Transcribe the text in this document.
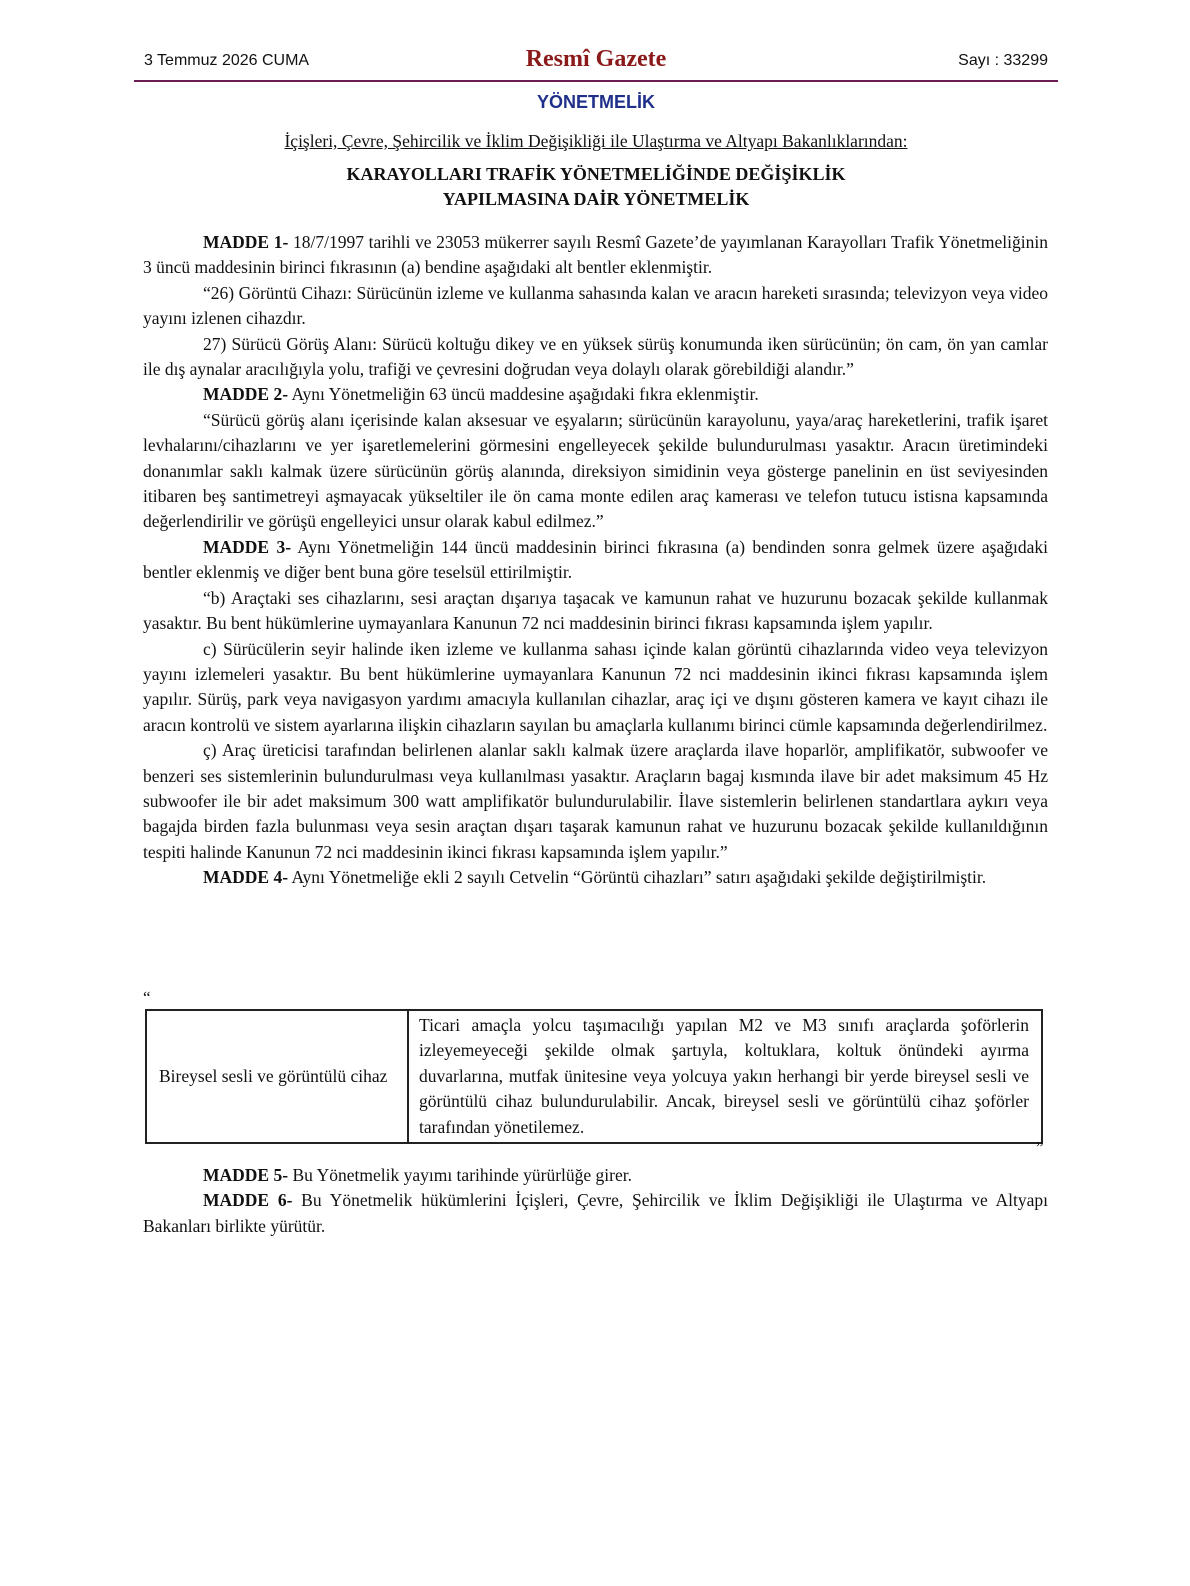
3 Temmuz 2026 CUMA	Resmî Gazete	Sayı : 33299
YÖNETMELİK
İçişleri, Çevre, Şehircilik ve İklim Değişikliği ile Ulaştırma ve Altyapı Bakanlıklarından:
KARAYOLLARI TRAFİK YÖNETMELİĞİNDE DEĞİŞİKLİK
YAPILMASINA DAİR YÖNETMELİK

MADDE 1- 18/7/1997 tarihli ve 23053 mükerrer sayılı Resmî Gazete’de yayımlanan Karayolları Trafik Yönetmeliğinin 3 üncü maddesinin birinci fıkrasının (a) bendine aşağıdaki alt bentler eklenmiştir.

“26) Görüntü Cihazı: Sürücünün izleme ve kullanma sahasında kalan ve aracın hareketi sırasında; televizyon veya video yayını izlenen cihazdır.

27) Sürücü Görüş Alanı: Sürücü koltuğu dikey ve en yüksek sürüş konumunda iken sürücünün; ön cam, ön yan camlar ile dış aynalar aracılığıyla yolu, trafiği ve çevresini doğrudan veya dolaylı olarak görebildiği alandır.”

MADDE 2- Aynı Yönetmeliğin 63 üncü maddesine aşağıdaki fıkra eklenmiştir.

“Sürücü görüş alanı içerisinde kalan aksesuar ve eşyaların; sürücünün karayolunu, yaya/araç hareketlerini, trafik işaret levhalarını/cihazlarını ve yer işaretlemelerini görmesini engelleyecek şekilde bulundurulması yasaktır. Aracın üretimindeki donanımlar saklı kalmak üzere sürücünün görüş alanında, direksiyon simidinin veya gösterge panelinin en üst seviyesinden itibaren beş santimetreyi aşmayacak yükseltiler ile ön cama monte edilen araç kamerası ve telefon tutucu istisna kapsamında değerlendirilir ve görüşü engelleyici unsur olarak kabul edilmez.”

MADDE 3- Aynı Yönetmeliğin 144 üncü maddesinin birinci fıkrasına (a) bendinden sonra gelmek üzere aşağıdaki bentler eklenmiş ve diğer bent buna göre teselsül ettirilmiştir.

“b) Araçtaki ses cihazlarını, sesi araçtan dışarıya taşacak ve kamunun rahat ve huzurunu bozacak şekilde kullanmak yasaktır. Bu bent hükümlerine uymayanlara Kanunun 72 nci maddesinin birinci fıkrası kapsamında işlem yapılır.

c) Sürücülerin seyir halinde iken izleme ve kullanma sahası içinde kalan görüntü cihazlarında video veya televizyon yayını izlemeleri yasaktır. Bu bent hükümlerine uymayanlara Kanunun 72 nci maddesinin ikinci fıkrası kapsamında işlem yapılır. Sürüş, park veya navigasyon yardımı amacıyla kullanılan cihazlar, araç içi ve dışını gösteren kamera ve kayıt cihazı ile aracın kontrolü ve sistem ayarlarına ilişkin cihazların sayılan bu amaçlarla kullanımı birinci cümle kapsamında değerlendirilmez.

ç) Araç üreticisi tarafından belirlenen alanlar saklı kalmak üzere araçlarda ilave hoparlör, amplifikatör, subwoofer ve benzeri ses sistemlerinin bulundurulması veya kullanılması yasaktır. Araçların bagaj kısmında ilave bir adet maksimum 45 Hz subwoofer ile bir adet maksimum 300 watt amplifikatör bulundurulabilir. İlave sistemlerin belirlenen standartlara aykırı veya bagajda birden fazla bulunması veya sesin araçtan dışarı taşarak kamunun rahat ve huzurunu bozacak şekilde kullanıldığının tespiti halinde Kanunun 72 nci maddesinin ikinci fıkrası kapsamında işlem yapılır.”

MADDE 4- Aynı Yönetmeliğe ekli 2 sayılı Cetvelin “Görüntü cihazları” satırı aşağıdaki şekilde değiştirilmiştir.

“
Bireysel sesli ve görüntülü cihaz	Ticari amaçla yolcu taşımacılığı yapılan M2 ve M3 sınıfı araçlarda şoförlerin izleyemeyeceği şekilde olmak şartıyla, koltuklara, koltuk önündeki ayırma duvarlarına, mutfak ünitesine veya yolcuya yakın herhangi bir yerde bireysel sesli ve görüntülü cihaz bulundurulabilir. Ancak, bireysel sesli ve görüntülü cihaz şoförler tarafından yönetilemez.
”

MADDE 5- Bu Yönetmelik yayımı tarihinde yürürlüğe girer.

MADDE 6- Bu Yönetmelik hükümlerini İçişleri, Çevre, Şehircilik ve İklim Değişikliği ile Ulaştırma ve Altyapı Bakanları birlikte yürütür.
